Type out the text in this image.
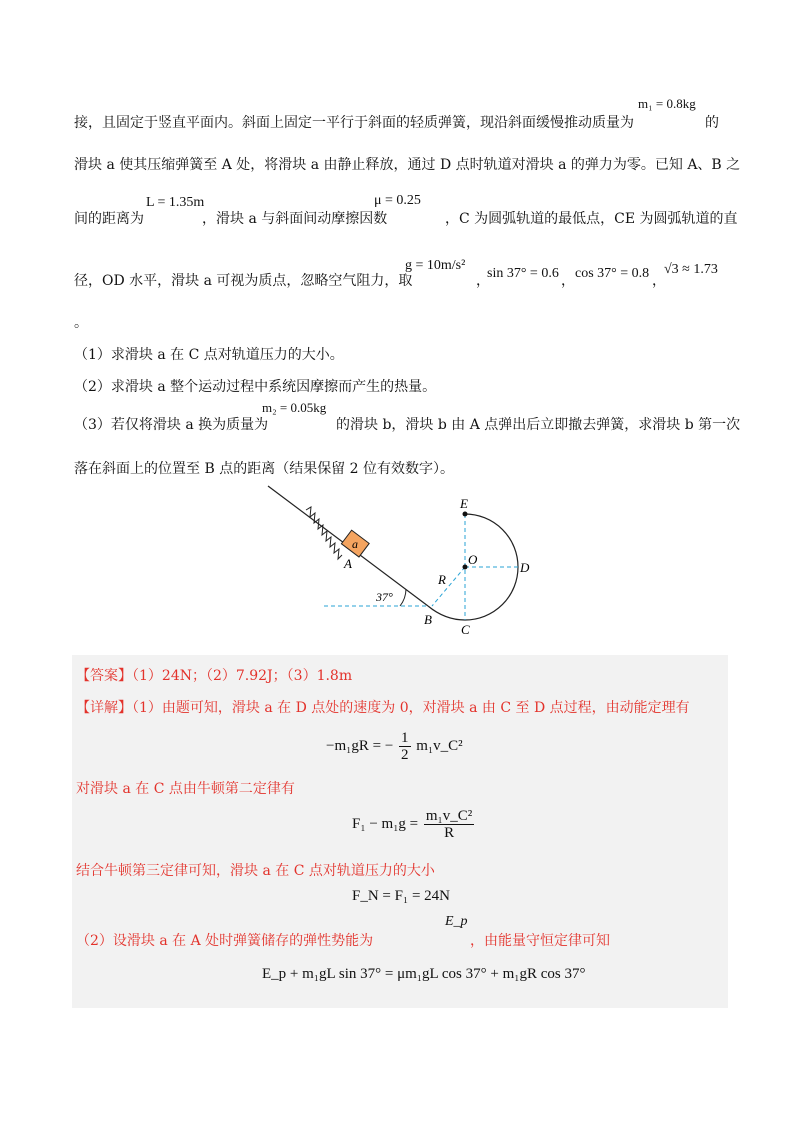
接，且固定于竖直平面内。斜面上固定一平行于斜面的轻质弹簧，现沿斜面缓慢推动质量为
m₁ = 0.8kg
的
滑块 a 使其压缩弹簧至 A 处，将滑块 a 由静止释放，通过 D 点时轨道对滑块 a 的弹力为零。已知 A、B 之
间的距离为
L = 1.35m
，滑块 a 与斜面间动摩擦因数
μ = 0.25
，C 为圆弧轨道的最低点，CE 为圆弧轨道的直
径，OD 水平，滑块 a 可视为质点，忽略空气阻力，取
g = 10m/s²
，
sin 37° = 0.6 ， cos 37° = 0.8 ，
√3 ≈ 1.73
。
（1）求滑块 a 在 C 点对轨道压力的大小。
（2）求滑块 a 整个运动过程中系统因摩擦而产生的热量。
（3）若仅将滑块 a 换为质量为
m₂ = 0.05kg
的滑块 b，滑块 b 由 A 点弹出后立即撤去弹簧，求滑块 b 第一次
落在斜面上的位置至 B 点的距离（结果保留 2 位有效数字）。
a
A
37°
E
O
D
R
B
C
【答案】（1）24N；（2）7.92J；（3）1.8m
【详解】（1）由题可知，滑块 a 在 D 点处的速度为 0，对滑块 a 由 C 至 D 点过程，由动能定理有
−m₁gR = − $\frac{1}{2}$ m₁v_C²
对滑块 a 在 C 点由牛顿第二定律有
$F_1 - m_1g = \frac{\text{m₁v\_C²}}{R}$
结合牛顿第三定律可知，滑块 a 在 C 点对轨道压力的大小
F_N = F₁ = 24N
（2）设滑块 a 在 A 处时弹簧储存的弹性势能为
E_p
，由能量守恒定律可知
E_p + m₁gL sin 37° = μm₁gL cos 37° + m₁gR cos 37°
